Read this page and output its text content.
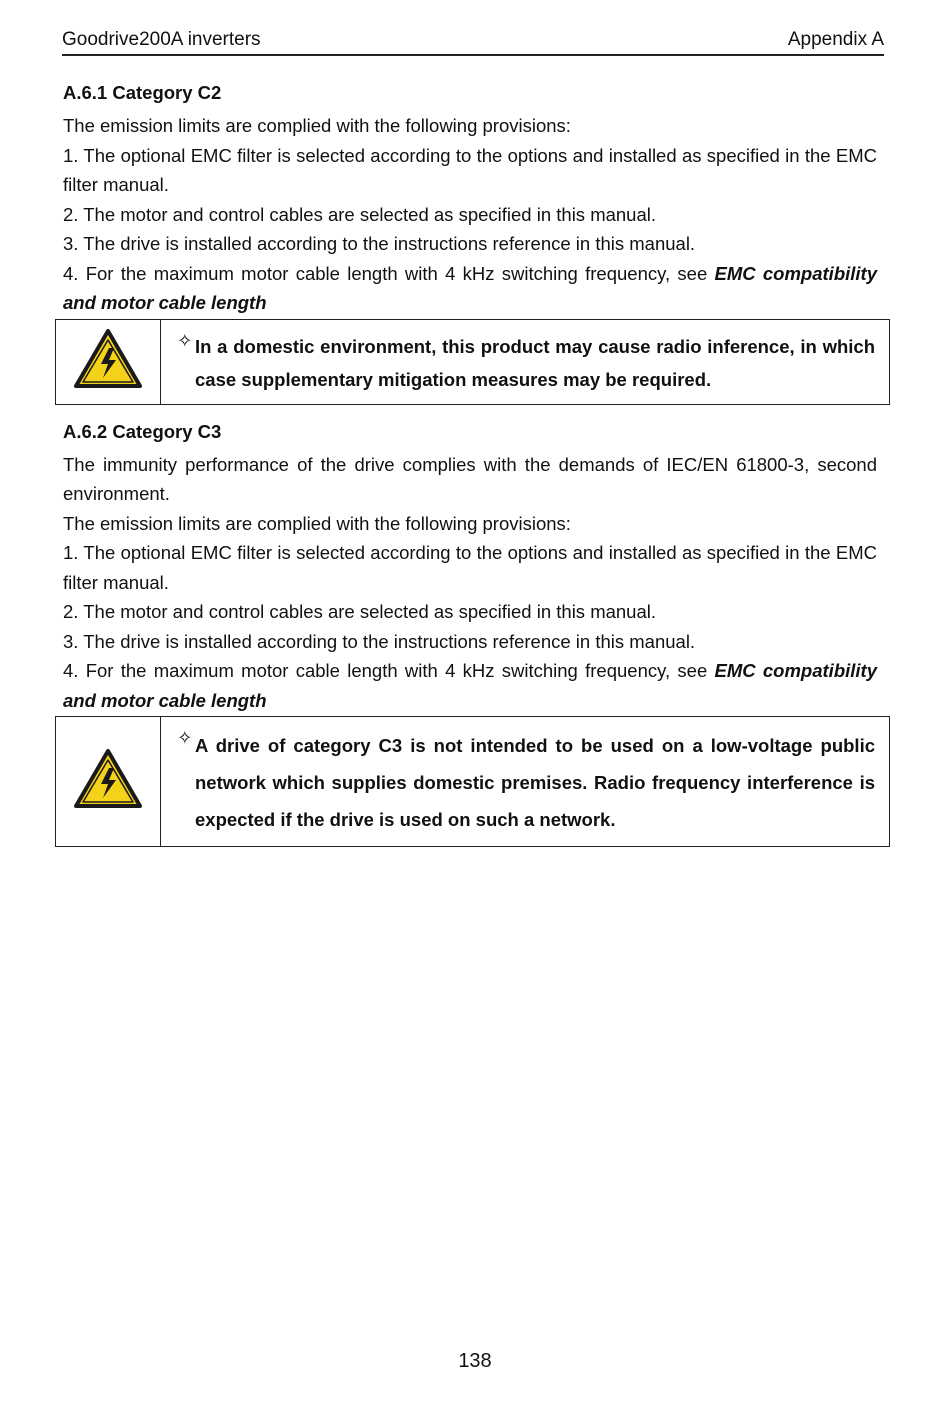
Goodrive200A inverters	Appendix A
A.6.1 Category C2

The emission limits are complied with the following provisions:

1. The optional EMC filter is selected according to the options and installed as specified in the EMC filter manual.

2. The motor and control cables are selected as specified in this manual.

3. The drive is installed according to the instructions reference in this manual.

4. For the maximum motor cable length with 4 kHz switching frequency, see EMC compatibility and motor cable length

✧ In a domestic environment, this product may cause radio inference, in which case supplementary mitigation measures may be required.
A.6.2 Category C3

The immunity performance of the drive complies with the demands of IEC/EN 61800-3, second environment.

The emission limits are complied with the following provisions:

1. The optional EMC filter is selected according to the options and installed as specified in the EMC filter manual.

2. The motor and control cables are selected as specified in this manual.

3. The drive is installed according to the instructions reference in this manual.

4. For the maximum motor cable length with 4 kHz switching frequency, see EMC compatibility and motor cable length

✧ A drive of category C3 is not intended to be used on a low-voltage public network which supplies domestic premises. Radio frequency interference is expected if the drive is used on such a network.
138
